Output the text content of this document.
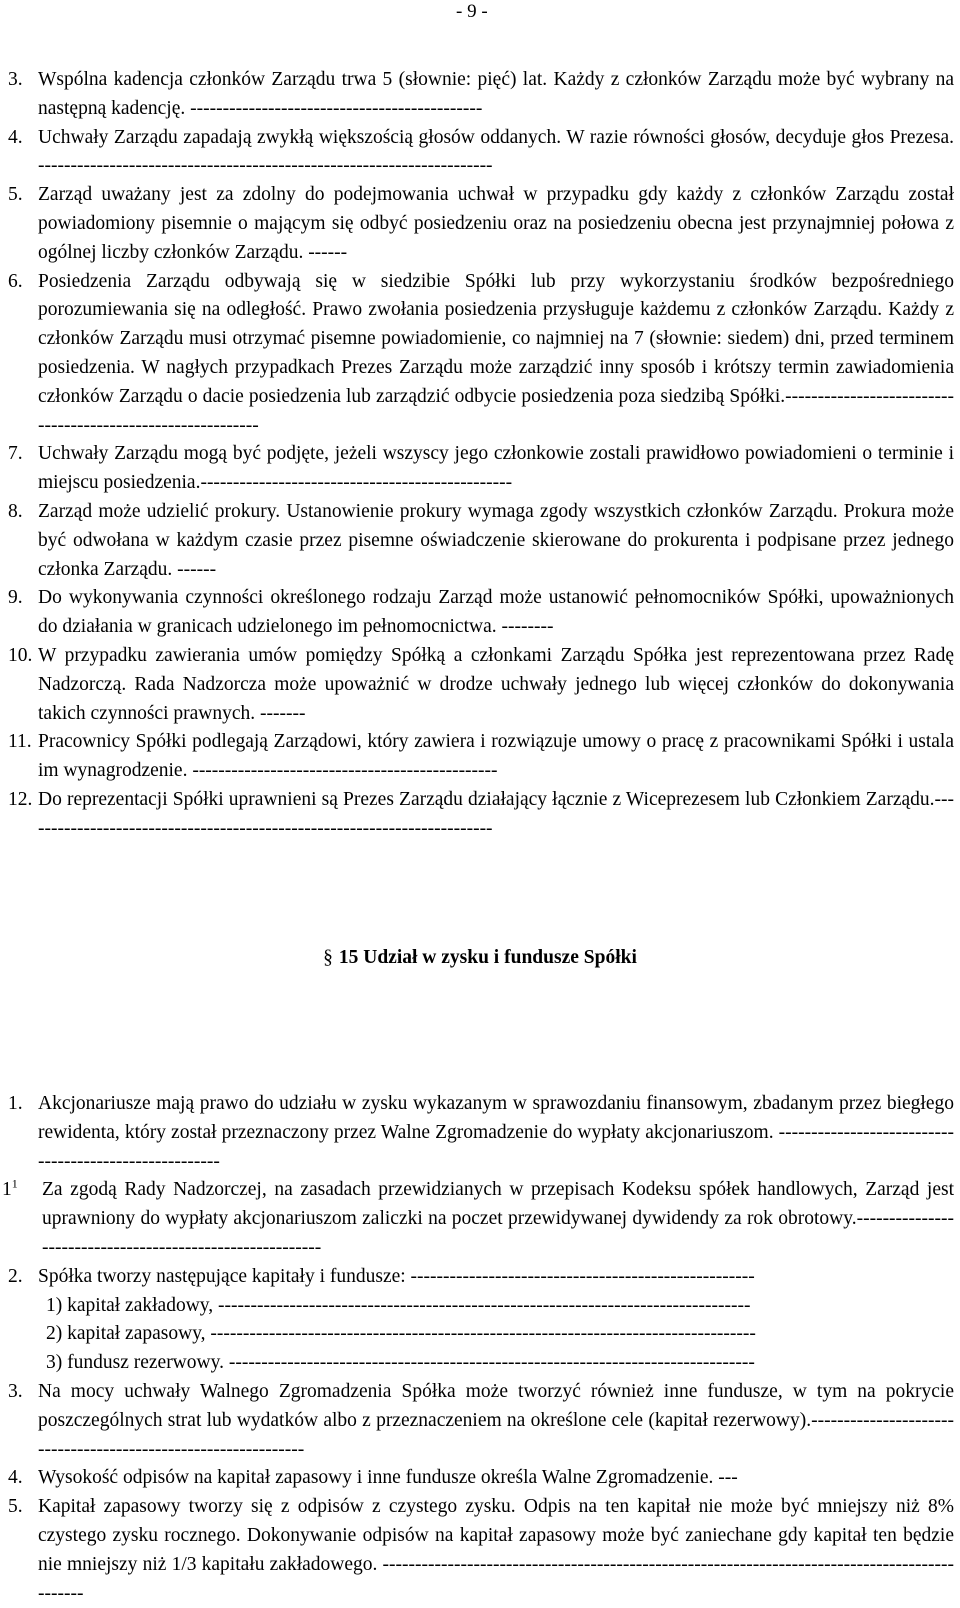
- 9 -
3. Wspólna kadencja członków Zarządu trwa 5 (słownie: pięć) lat. Każdy z członków Zarządu może być wybrany na następną kadencję. ---------------------------------------------
4. Uchwały Zarządu zapadają zwykłą większością głosów oddanych. W razie równości głosów, decyduje głos Prezesa. ----------------------------------------------------------------------
5. Zarząd uważany jest za zdolny do podejmowania uchwał w przypadku gdy każdy z członków Zarządu został powiadomiony pisemnie o mającym się odbyć posiedzeniu oraz na posiedzeniu obecna jest przynajmniej połowa z ogólnej liczby członków Zarządu. ------
6. Posiedzenia Zarządu odbywają się w siedzibie Spółki lub przy wykorzystaniu środków bezpośredniego porozumiewania się na odległość. Prawo zwołania posiedzenia przysługuje każdemu z członków Zarządu. Każdy z członków Zarządu musi otrzymać pisemne powiadomienie, co najmniej na 7 (słownie: siedem) dni, przed terminem posiedzenia. W nagłych przypadkach Prezes Zarządu może zarządzić inny sposób i krótszy termin zawiadomienia członków Zarządu o dacie posiedzenia lub zarządzić odbycie posiedzenia poza siedzibą Spółki.------------------------------------------------------------
7. Uchwały Zarządu mogą być podjęte, jeżeli wszyscy jego członkowie zostali prawidłowo powiadomieni o terminie i miejscu posiedzenia.------------------------------------------------
8. Zarząd może udzielić prokury. Ustanowienie prokury wymaga zgody wszystkich członków Zarządu. Prokura może być odwołana w każdym czasie przez pisemne oświadczenie skierowane do prokurenta i podpisane przez jednego członka Zarządu. ------
9. Do wykonywania czynności określonego rodzaju Zarząd może ustanowić pełnomocników Spółki, upoważnionych do działania w granicach udzielonego im pełnomocnictwa. --------
10. W przypadku zawierania umów pomiędzy Spółką a członkami Zarządu Spółka jest reprezentowana przez Radę Nadzorczą. Rada Nadzorcza może upoważnić w drodze uchwały jednego lub więcej członków do dokonywania takich czynności prawnych. -------
11. Pracownicy Spółki podlegają Zarządowi, który zawiera i rozwiązuje umowy o pracę z pracownikami Spółki i ustala im wynagrodzenie. -----------------------------------------------
12. Do reprezentacji Spółki uprawnieni są Prezes Zarządu działający łącznie z Wiceprezesem lub Członkiem Zarządu.-------------------------------------------------------------------------
§ 15 Udział w zysku i fundusze Spółki
1. Akcjonariusze mają prawo do udziału w zysku wykazanym w sprawozdaniu finansowym, zbadanym przez biegłego rewidenta, który został przeznaczony przez Walne Zgromadzenie do wypłaty akcjonariuszom. -------------------------------------------------------
$1^1$ Za zgodą Rady Nadzorczej, na zasadach przewidzianych w przepisach Kodeksu spółek handlowych, Zarząd jest uprawniony do wypłaty akcjonariuszom zaliczki na poczet przewidywanej dywidendy za rok obrotowy.----------------------------------------------------------
2. Spółka tworzy następujące kapitały i fundusze: -----------------------------------------------------
1) kapitał zakładowy, ----------------------------------------------------------------------------------
2) kapitał zapasowy, ------------------------------------------------------------------------------------
3) fundusz rezerwowy. ---------------------------------------------------------------------------------
3. Na mocy uchwały Walnego Zgromadzenia Spółka może tworzyć również inne fundusze, w tym na pokrycie poszczególnych strat lub wydatków albo z przeznaczeniem na określone cele (kapitał rezerwowy).---------------------------------------------------------------
4. Wysokość odpisów na kapitał zapasowy i inne fundusze określa Walne Zgromadzenie. ---
5. Kapitał zapasowy tworzy się z odpisów z czystego zysku. Odpis na ten kapitał nie może być mniejszy niż 8% czystego zysku rocznego. Dokonywanie odpisów na kapitał zapasowy może być zaniechane gdy kapitał ten będzie nie mniejszy niż 1/3 kapitału zakładowego. -----------------------------------------------------------------------------------------------
